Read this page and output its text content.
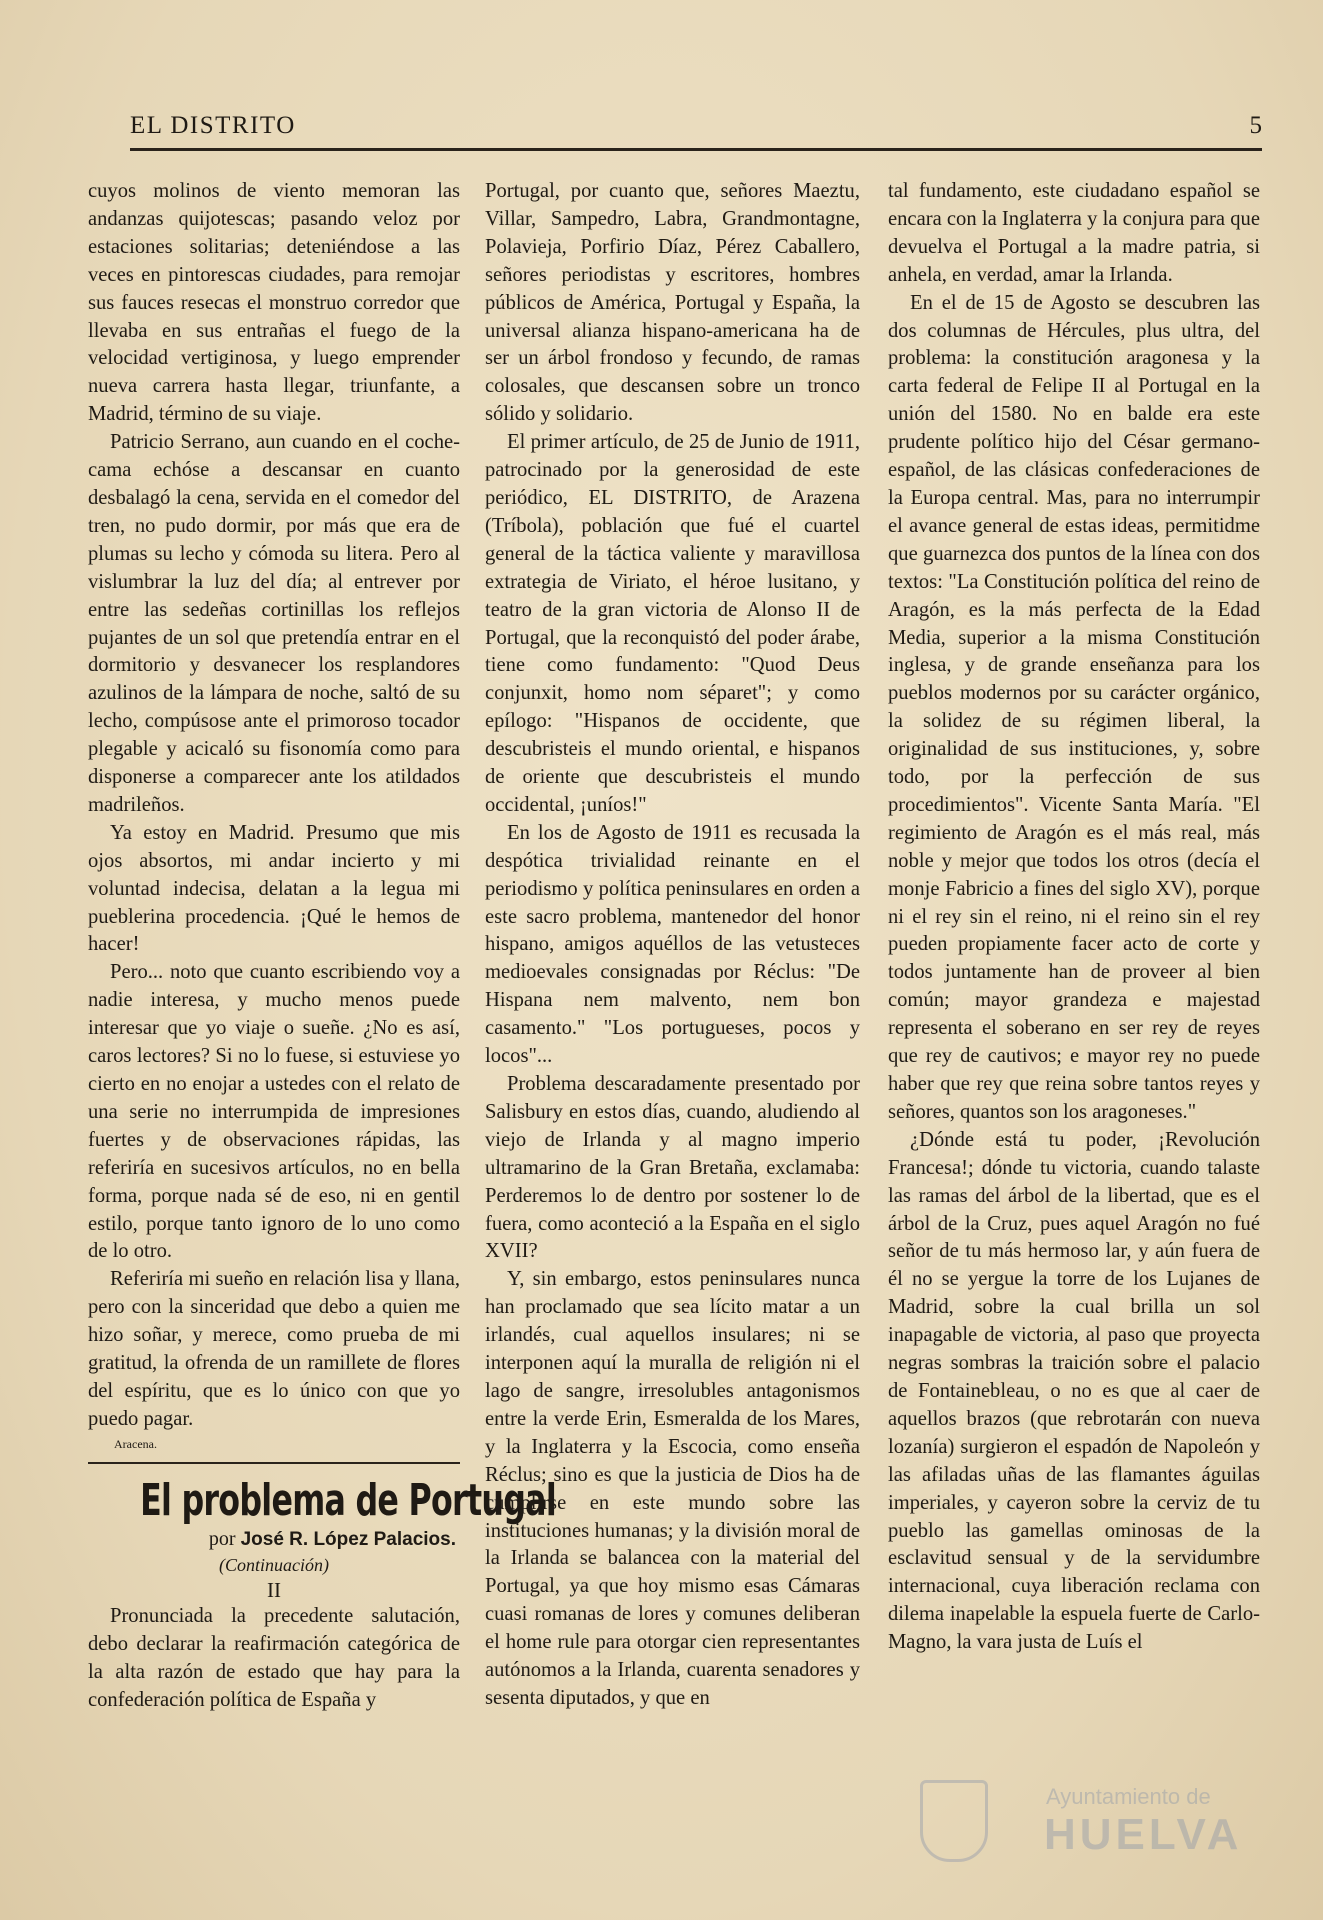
EL DISTRITO	5

cuyos molinos de viento memoran las andanzas quijotescas; pasando veloz por estaciones solitarias; deteniéndose a las veces en pintorescas ciudades, para remojar sus fauces resecas el monstruo corredor que llevaba en sus entrañas el fuego de la velocidad vertiginosa, y luego emprender nueva carrera hasta llegar, triunfante, a Madrid, término de su viaje.

Patricio Serrano, aun cuando en el coche-cama echóse a descansar en cuanto desbalagó la cena, servida en el comedor del tren, no pudo dormir, por más que era de plumas su lecho y cómoda su litera. Pero al vislumbrar la luz del día; al entrever por entre las sedeñas cortinillas los reflejos pujantes de un sol que pretendía entrar en el dormitorio y desvanecer los resplandores azulinos de la lámpara de noche, saltó de su lecho, compúsose ante el primoroso tocador plegable y acicaló su fisonomía como para disponerse a comparecer ante los atildados madrileños.

Ya estoy en Madrid. Presumo que mis ojos absortos, mi andar incierto y mi voluntad indecisa, delatan a la legua mi pueblerina procedencia. ¡Qué le hemos de hacer!

Pero... noto que cuanto escribiendo voy a nadie interesa, y mucho menos puede interesar que yo viaje o sueñe. ¿No es así, caros lectores? Si no lo fuese, si estuviese yo cierto en no enojar a ustedes con el relato de una serie no interrumpida de impresiones fuertes y de observaciones rápidas, las referiría en sucesivos artículos, no en bella forma, porque nada sé de eso, ni en gentil estilo, porque tanto ignoro de lo uno como de lo otro.

Referiría mi sueño en relación lisa y llana, pero con la sinceridad que debo a quien me hizo soñar, y merece, como prueba de mi gratitud, la ofrenda de un ramillete de flores del espíritu, que es lo único con que yo puedo pagar.

Aracena.
El problema de Portugal
por José R. López Palacios.
(Continuación)
II

Pronunciada la precedente salutación, debo declarar la reafirmación categórica de la alta razón de estado que hay para la confederación política de España y

Portugal, por cuanto que, señores Maeztu, Villar, Sampedro, Labra, Grandmontagne, Polavieja, Porfirio Díaz, Pérez Caballero, señores periodistas y escritores, hombres públicos de América, Portugal y España, la universal alianza hispano-americana ha de ser un árbol frondoso y fecundo, de ramas colosales, que descansen sobre un tronco sólido y solidario.

El primer artículo, de 25 de Junio de 1911, patrocinado por la generosidad de este periódico, EL DISTRITO, de Arazena (Tríbola), población que fué el cuartel general de la táctica valiente y maravillosa extrategia de Viriato, el héroe lusitano, y teatro de la gran victoria de Alonso II de Portugal, que la reconquistó del poder árabe, tiene como fundamento: "Quod Deus conjunxit, homo nom séparet"; y como epílogo: "Hispanos de occidente, que descubristeis el mundo oriental, e hispanos de oriente que descubristeis el mundo occidental, ¡uníos!"

En los de Agosto de 1911 es recusada la despótica trivialidad reinante en el periodismo y política peninsulares en orden a este sacro problema, mantenedor del honor hispano, amigos aquéllos de las vetusteces medioevales consignadas por Réclus: "De Hispana nem malvento, nem bon casamento." "Los portugueses, pocos y locos"...

Problema descaradamente presentado por Salisbury en estos días, cuando, aludiendo al viejo de Irlanda y al magno imperio ultramarino de la Gran Bretaña, exclamaba: Perderemos lo de dentro por sostener lo de fuera, como aconteció a la España en el siglo XVII?

Y, sin embargo, estos peninsulares nunca han proclamado que sea lícito matar a un irlandés, cual aquellos insulares; ni se interponen aquí la muralla de religión ni el lago de sangre, irresolubles antagonismos entre la verde Erin, Esmeralda de los Mares, y la Inglaterra y la Escocia, como enseña Réclus; sino es que la justicia de Dios ha de cumplirse en este mundo sobre las instituciones humanas; y la división moral de la Irlanda se balancea con la material del Portugal, ya que hoy mismo esas Cámaras cuasi romanas de lores y comunes deliberan el home rule para otorgar cien representantes autónomos a la Irlanda, cuarenta senadores y sesenta diputados, y que en

tal fundamento, este ciudadano español se encara con la Inglaterra y la conjura para que devuelva el Portugal a la madre patria, si anhela, en verdad, amar la Irlanda.

En el de 15 de Agosto se descubren las dos columnas de Hércules, plus ultra, del problema: la constitución aragonesa y la carta federal de Felipe II al Portugal en la unión del 1580. No en balde era este prudente político hijo del César germano-español, de las clásicas confederaciones de la Europa central. Mas, para no interrumpir el avance general de estas ideas, permitidme que guarnezca dos puntos de la línea con dos textos: "La Constitución política del reino de Aragón, es la más perfecta de la Edad Media, superior a la misma Constitución inglesa, y de grande enseñanza para los pueblos modernos por su carácter orgánico, la solidez de su régimen liberal, la originalidad de sus instituciones, y, sobre todo, por la perfección de sus procedimientos". Vicente Santa María. "El regimiento de Aragón es el más real, más noble y mejor que todos los otros (decía el monje Fabricio a fines del siglo XV), porque ni el rey sin el reino, ni el reino sin el rey pueden propiamente facer acto de corte y todos juntamente han de proveer al bien común; mayor grandeza e majestad representa el soberano en ser rey de reyes que rey de cautivos; e mayor rey no puede haber que rey que reina sobre tantos reyes y señores, quantos son los aragoneses."

¿Dónde está tu poder, ¡Revolución Francesa!; dónde tu victoria, cuando talaste las ramas del árbol de la libertad, que es el árbol de la Cruz, pues aquel Aragón no fué señor de tu más hermoso lar, y aún fuera de él no se yergue la torre de los Lujanes de Madrid, sobre la cual brilla un sol inapagable de victoria, al paso que proyecta negras sombras la traición sobre el palacio de Fontainebleau, o no es que al caer de aquellos brazos (que rebrotarán con nueva lozanía) surgieron el espadón de Napoleón y las afiladas uñas de las flamantes águilas imperiales, y cayeron sobre la cerviz de tu pueblo las gamellas ominosas de la esclavitud sensual y de la servidumbre internacional, cuya liberación reclama con dilema inapelable la espuela fuerte de Carlo-Magno, la vara justa de Luís el

Ayuntamiento de
HUELVA
